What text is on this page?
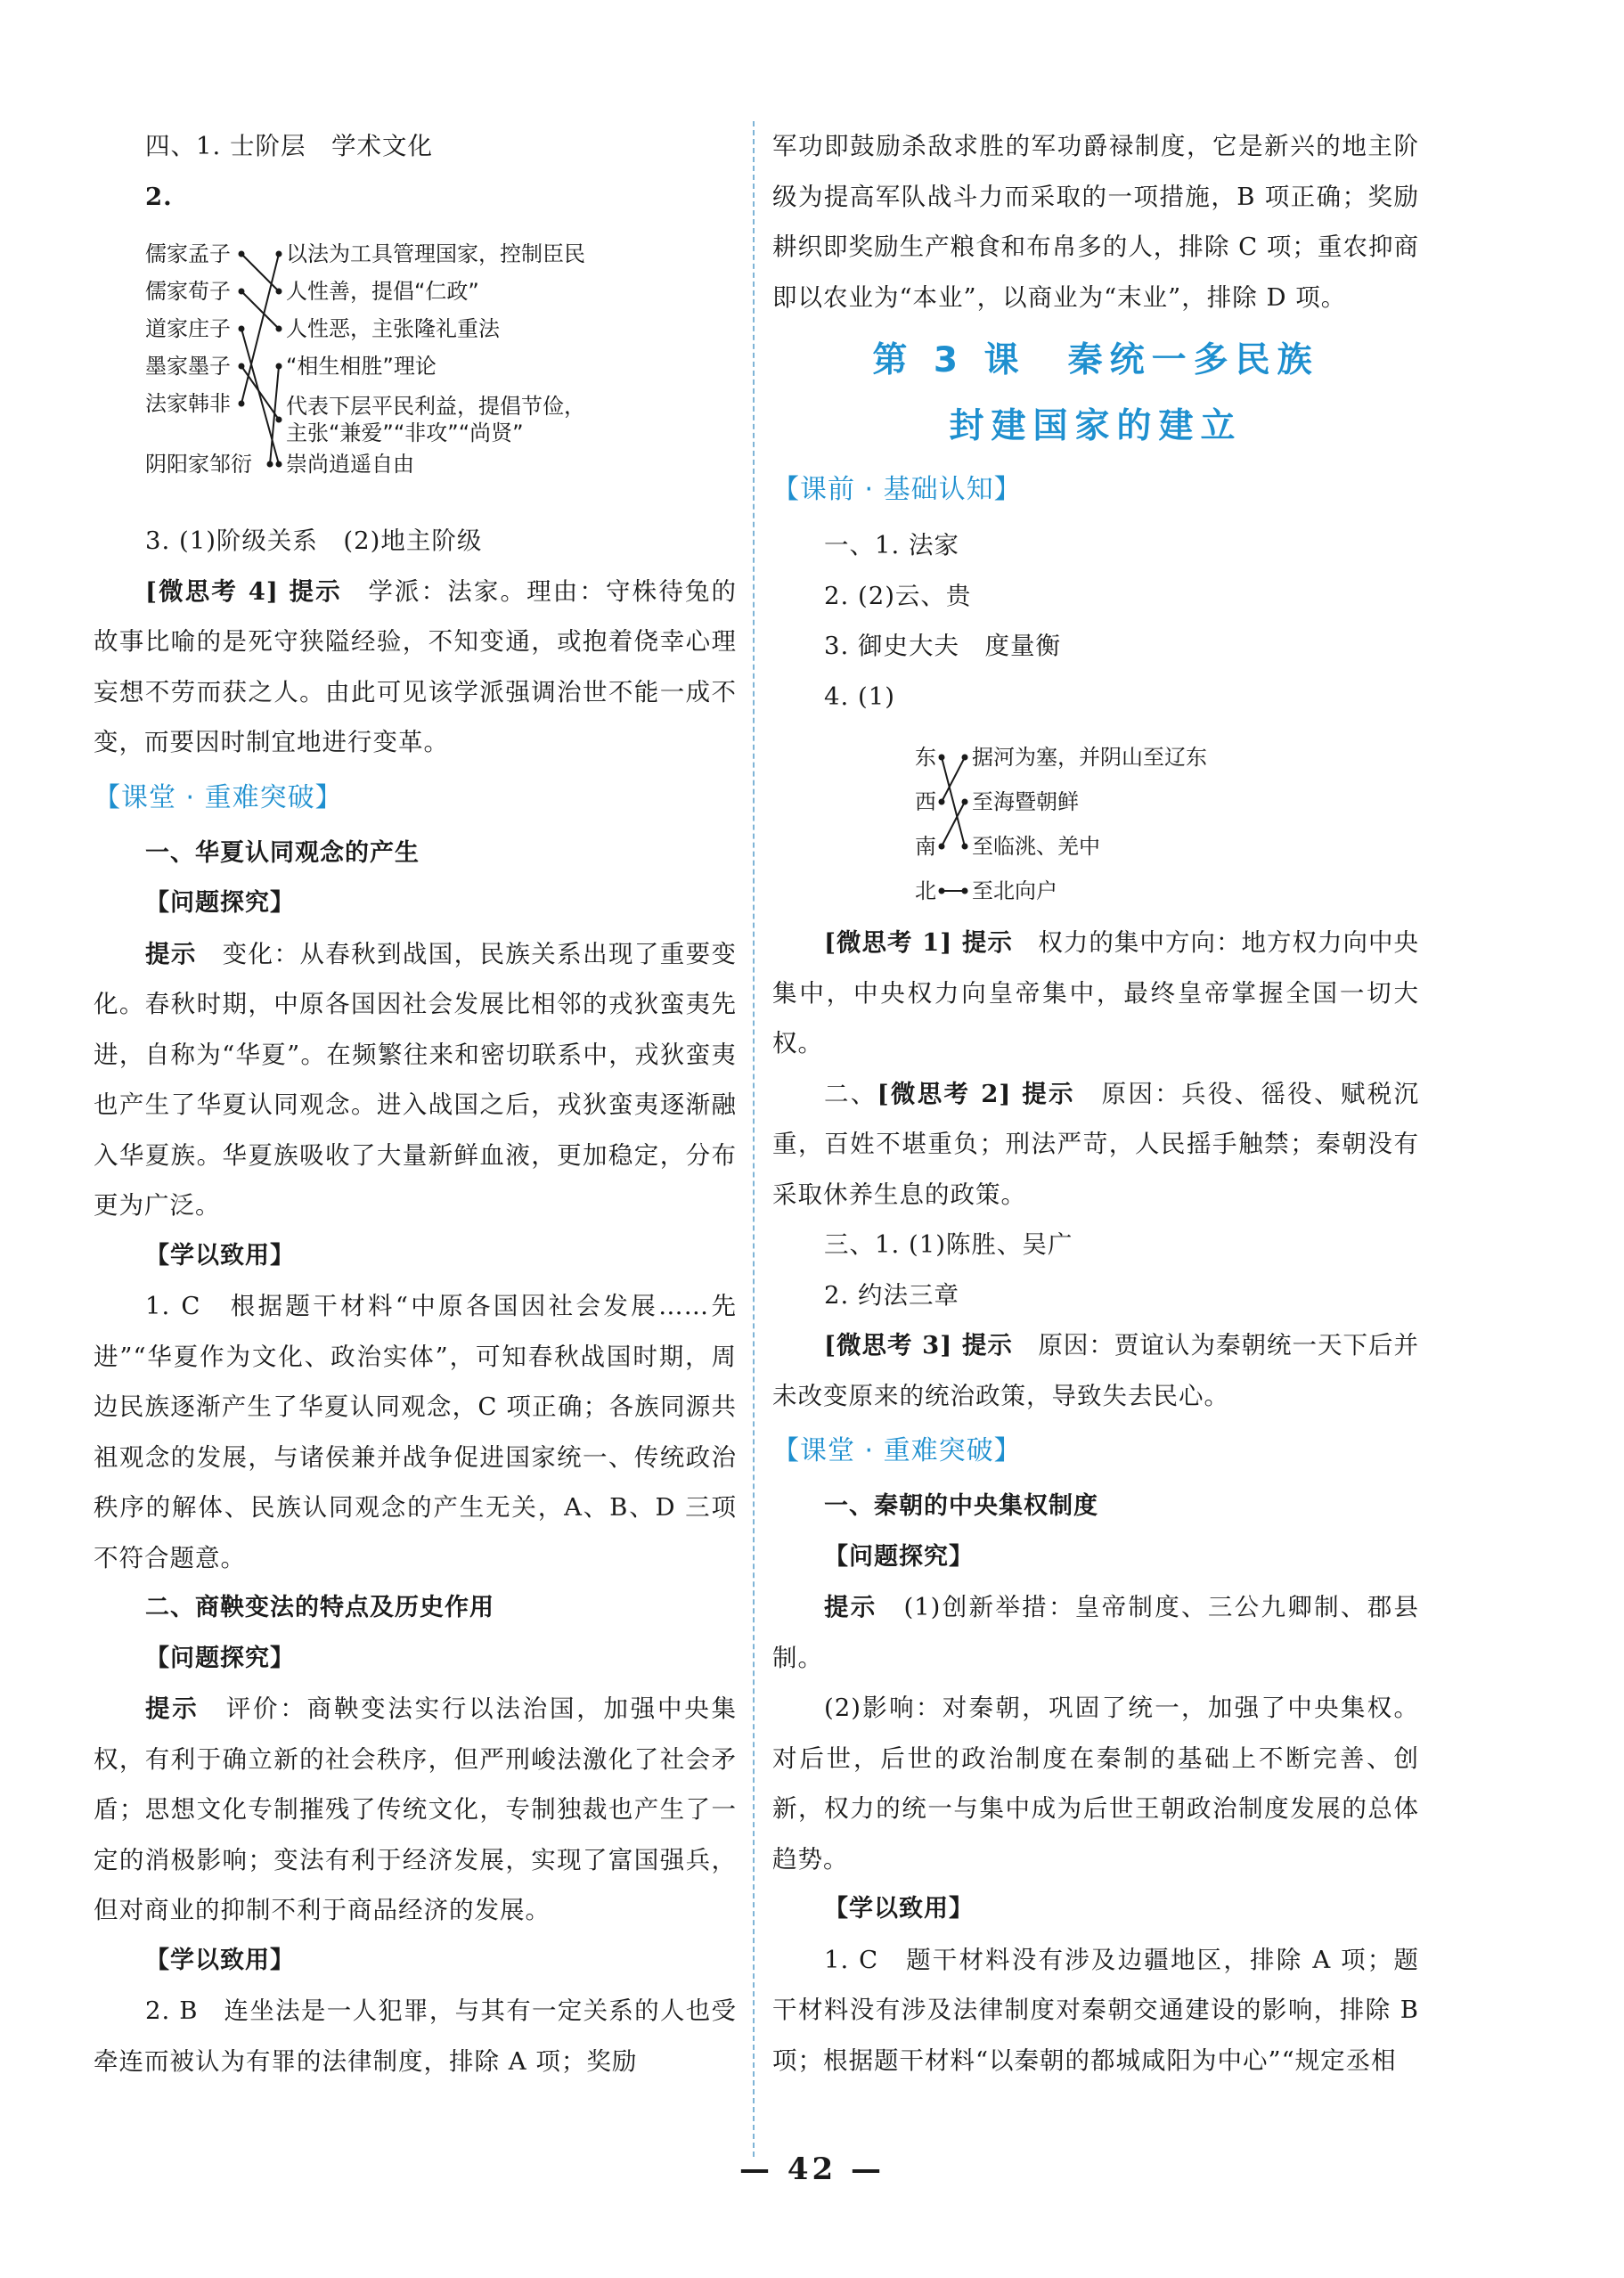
四、1. 士阶层　学术文化

2.

儒家孟子
儒家荀子
道家庄子
墨家墨子
法家韩非
阴阳家邹衍
以法为工具管理国家，控制臣民
人性善，提倡“仁政”
人性恶，主张隆礼重法
“相生相胜”理论
代表下层平民利益，提倡节俭，
主张“兼爱”“非攻”“尚贤”
崇尚逍遥自由

3. (1)阶级关系　(2)地主阶级

[微思考 4] 提示　 学派：法家。理由：守株待兔的故事比喻的是死守狭隘经验，不知变通，或抱着侥幸心理妄想不劳而获之人。由此可见该学派强调治世不能一成不变，而要因时制宜地进行变革。

【课堂 · 重难突破】

一、华夏认同观念的产生

【问题探究】

提示　 变化：从春秋到战国，民族关系出现了重要变化。春秋时期，中原各国因社会发展比相邻的戎狄蛮夷先进，自称为“华夏”。在频繁往来和密切联系中，戎狄蛮夷也产生了华夏认同观念。进入战国之后，戎狄蛮夷逐渐融入华夏族。华夏族吸收了大量新鲜血液，更加稳定，分布更为广泛。

【学以致用】

1. C　根据题干材料“中原各国因社会发展……先进”“华夏作为文化、政治实体”，可知春秋战国时期，周边民族逐渐产生了华夏认同观念，C 项正确；各族同源共祖观念的发展，与诸侯兼并战争促进国家统一、传统政治秩序的解体、民族认同观念的产生无关，A、B、D 三项不符合题意。

二、商鞅变法的特点及历史作用

【问题探究】

提示　 评价：商鞅变法实行以法治国，加强中央集权，有利于确立新的社会秩序，但严刑峻法激化了社会矛盾；思想文化专制摧残了传统文化，专制独裁也产生了一定的消极影响；变法有利于经济发展，实现了富国强兵，但对商业的抑制不利于商品经济的发展。

【学以致用】

2. B　连坐法是一人犯罪，与其有一定关系的人也受牵连而被认为有罪的法律制度，排除 A 项；奖励

军功即鼓励杀敌求胜的军功爵禄制度，它是新兴的地主阶级为提高军队战斗力而采取的一项措施，B 项正确；奖励耕织即奖励生产粮食和布帛多的人，排除 C 项；重农抑商即以农业为“本业”，以商业为“末业”，排除 D 项。

第 3 课　秦统一多民族
封建国家的建立
【课前 · 基础认知】

一、1. 法家

2. (2)云、贵

3. 御史大夫　度量衡

4. (1)

东
西
南
北
据河为塞，并阴山至辽东
至海暨朝鲜
至临洮、羌中
至北向户

[微思考 1] 提示　 权力的集中方向：地方权力向中央集中，中央权力向皇帝集中，最终皇帝掌握全国一切大权。

二、[微思考 2] 提示　 原因：兵役、徭役、赋税沉重，百姓不堪重负；刑法严苛，人民摇手触禁；秦朝没有采取休养生息的政策。

三、1. (1)陈胜、吴广

2. 约法三章

[微思考 3] 提示　 原因：贾谊认为秦朝统一天下后并未改变原来的统治政策，导致失去民心。

【课堂 · 重难突破】

一、秦朝的中央集权制度

【问题探究】

提示　 (1)创新举措：皇帝制度、三公九卿制、郡县制。

(2)影响：对秦朝，巩固了统一，加强了中央集权。对后世，后世的政治制度在秦制的基础上不断完善、创新，权力的统一与集中成为后世王朝政治制度发展的总体趋势。

【学以致用】

1. C　题干材料没有涉及边疆地区，排除 A 项；题干材料没有涉及法律制度对秦朝交通建设的影响，排除 B 项；根据题干材料“以秦朝的都城咸阳为中心”“规定丞相

— 42 —
